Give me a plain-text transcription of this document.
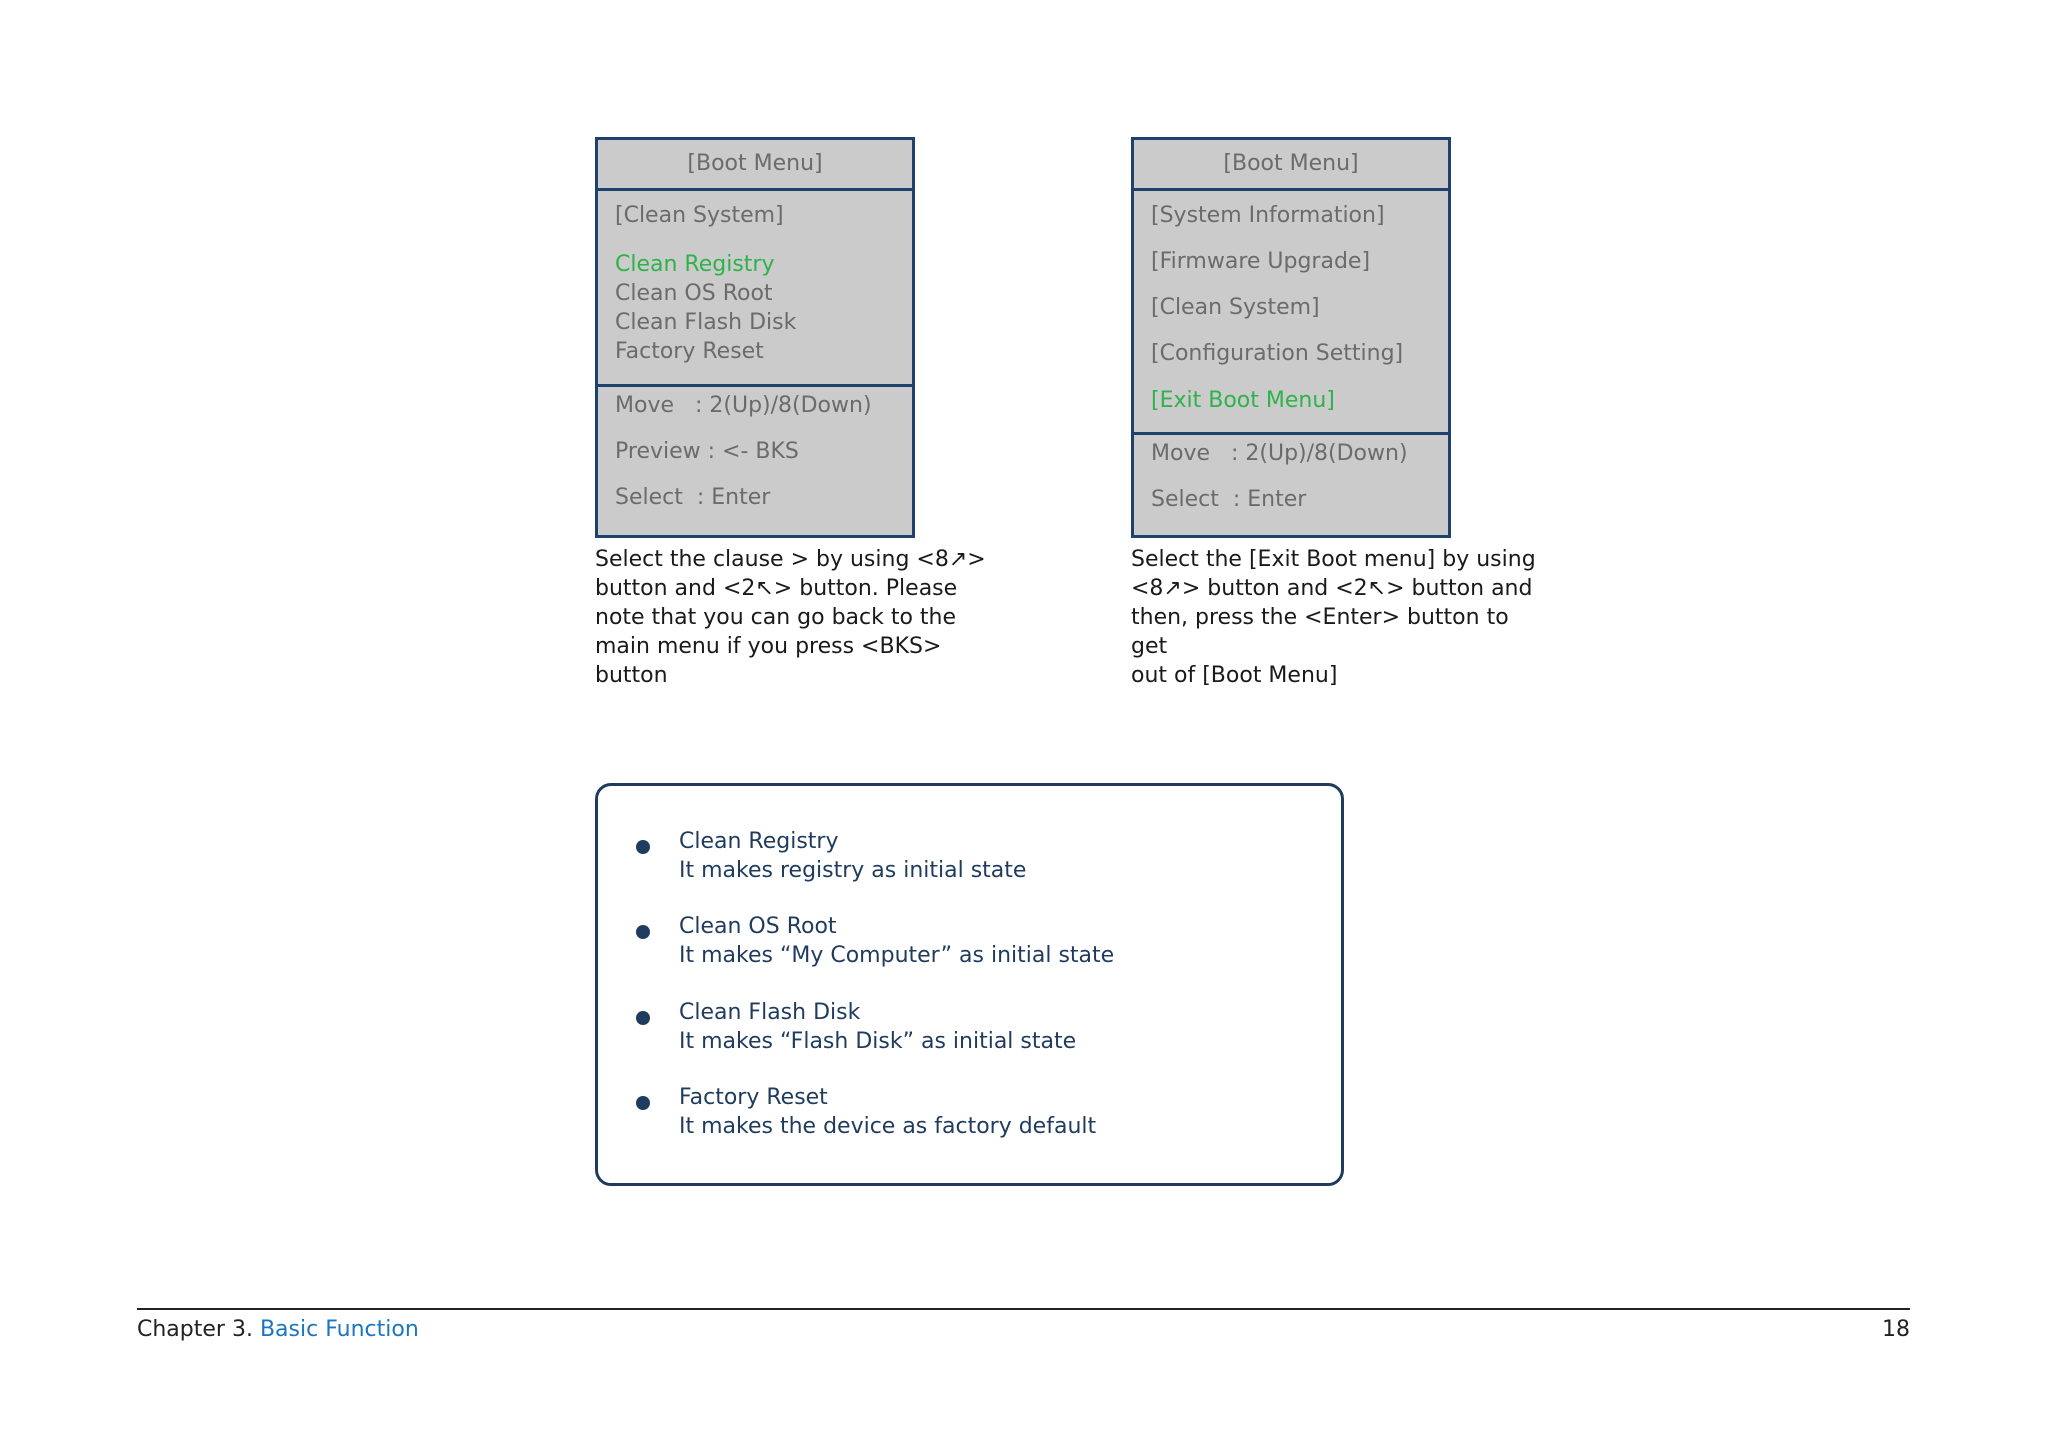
[Boot Menu]
[Clean System]
Clean Registry
Clean OS Root
Clean Flash Disk
Factory Reset
Move   : 2(Up)/8(Down)
Preview : <- BKS
Select  : Enter
[Boot Menu]
[System Information]
[Firmware Upgrade]
[Clean System]
[Configuration Setting]
[Exit Boot Menu]
Move   : 2(Up)/8(Down)
Select  : Enter
Select the clause > by using <8↗>
button and <2↖> button. Please
note that you can go back to the
main menu if you press <BKS> button
Select the [Exit Boot menu] by using
<8↗> button and <2↖> button and
then, press the <Enter> button to get
out of [Boot Menu]
Clean Registry
It makes registry as initial state
Clean OS Root
It makes “My Computer” as initial state
Clean Flash Disk
It makes “Flash Disk” as initial state
Factory Reset
It makes the device as factory default
Chapter 3. Basic Function	18
